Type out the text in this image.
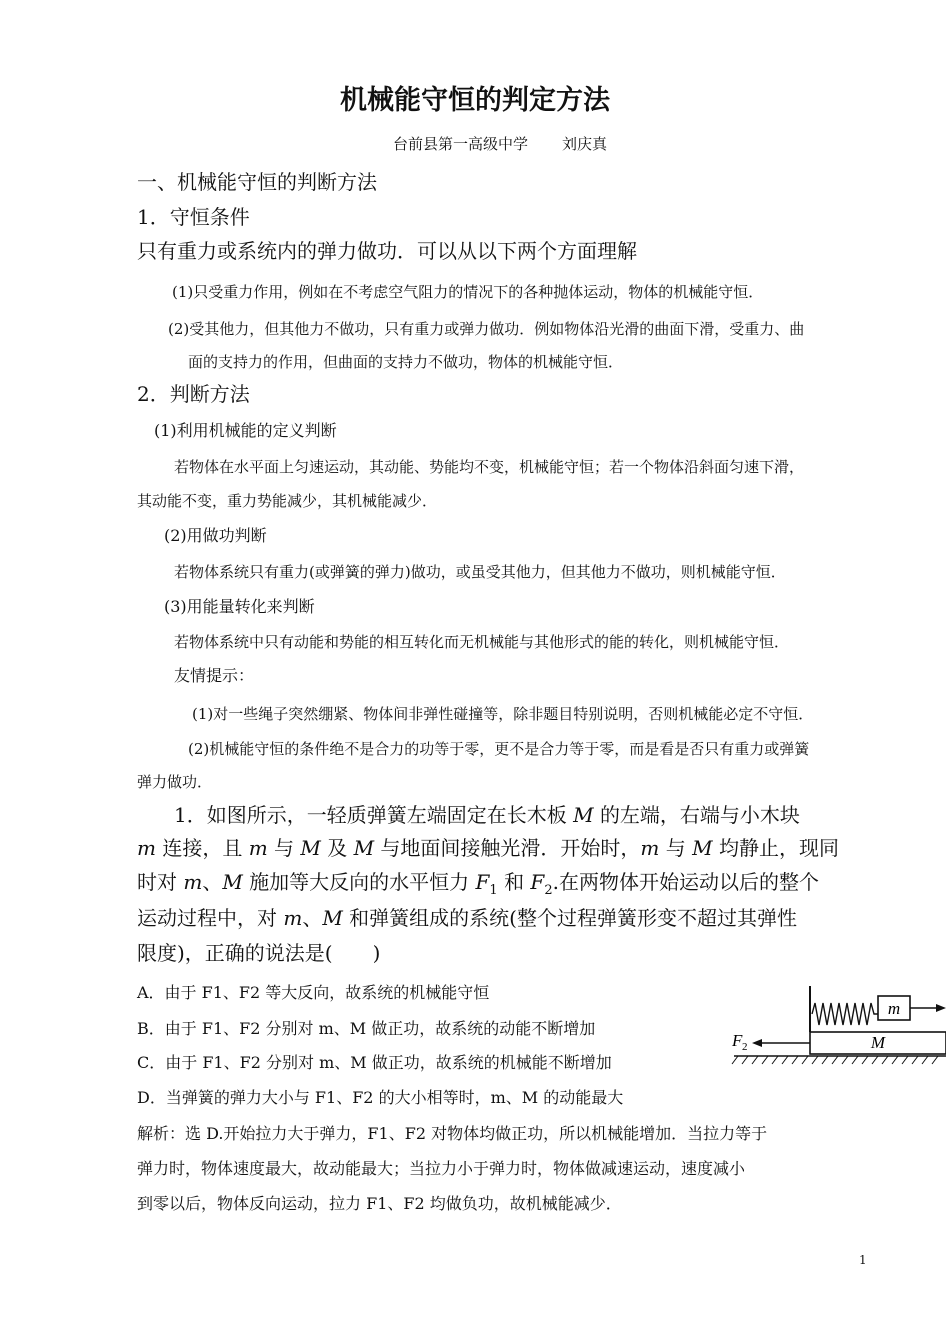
机械能守恒的判定方法
台前县第一高级中学 刘庆真
一、机械能守恒的判断方法
1．守恒条件
只有重力或系统内的弹力做功．可以从以下两个方面理解
(1)只受重力作用，例如在不考虑空气阻力的情况下的各种抛体运动，物体的机械能守恒．
(2)受其他力，但其他力不做功，只有重力或弹力做功．例如物体沿光滑的曲面下滑，受重力、曲
面的支持力的作用，但曲面的支持力不做功，物体的机械能守恒．
2．判断方法
(1)利用机械能的定义判断
若物体在水平面上匀速运动，其动能、势能均不变，机械能守恒；若一个物体沿斜面匀速下滑，
其动能不变，重力势能减少，其机械能减少．
(2)用做功判断
若物体系统只有重力(或弹簧的弹力)做功，或虽受其他力，但其他力不做功，则机械能守恒．
(3)用能量转化来判断
若物体系统中只有动能和势能的相互转化而无机械能与其他形式的能的转化，则机械能守恒．
友情提示：
(1)对一些绳子突然绷紧、物体间非弹性碰撞等，除非题目特别说明，否则机械能必定不守恒．
(2)机械能守恒的条件绝不是合力的功等于零，更不是合力等于零，而是看是否只有重力或弹簧
弹力做功．
1．如图所示，一轻质弹簧左端固定在长木板 M 的左端，右端与小木块
m 连接，且 m 与 M 及 M 与地面间接触光滑．开始时，m 与 M 均静止，现同
时对 m、M 施加等大反向的水平恒力 $F_1$ 和 $F_2$.在两物体开始运动以后的整个
运动过程中，对 m、M 和弹簧组成的系统(整个过程弹簧形变不超过其弹性
限度)，正确的说法是(　　)
A．由于 F1、F2 等大反向，故系统的机械能守恒
B．由于 F1、F2 分别对 m、M 做正功，故系统的动能不断增加
C．由于 F1、F2 分别对 m、M 做正功，故系统的机械能不断增加
D．当弹簧的弹力大小与 F1、F2 的大小相等时，m、M 的动能最大
解析：选 D.开始拉力大于弹力，F1、F2 对物体均做正功，所以机械能增加．当拉力等于
弹力时，物体速度最大，故动能最大；当拉力小于弹力时，物体做减速运动，速度减小
到零以后，物体反向运动，拉力 F1、F2 均做负功，故机械能减少．
m
M
F 2
1
